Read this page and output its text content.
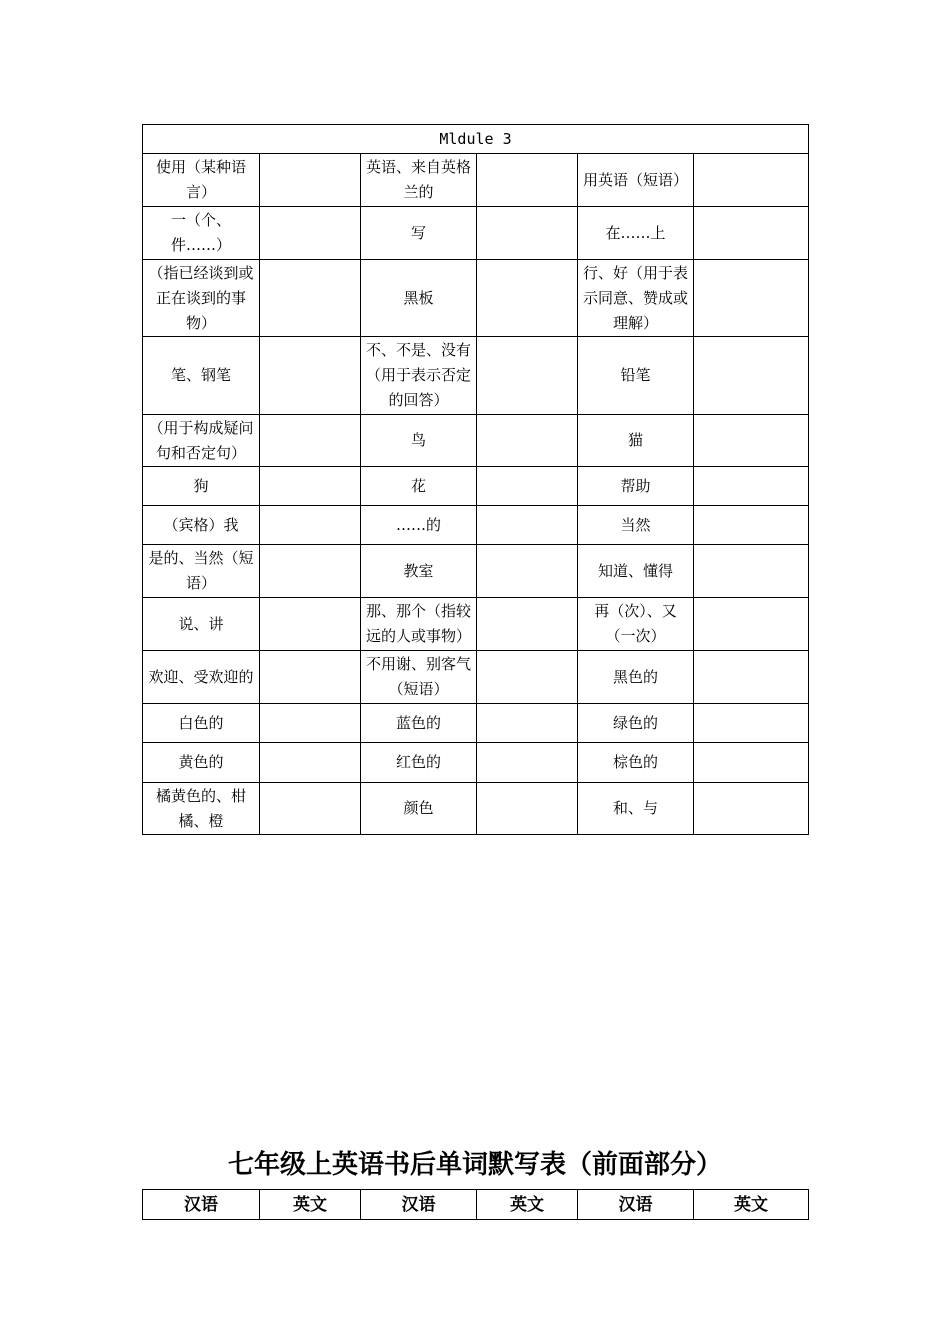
Mldule 3					
使用（某种语言）		英语、来自英格兰的		用英语（短语）	
一（个、件……）		写		在……上	
（指已经谈到或正在谈到的事物）		黑板		行、好（用于表示同意、赞成或理解）	
笔、钢笔		不、不是、没有（用于表示否定的回答）		铅笔	
（用于构成疑问句和否定句）		鸟		猫	
狗		花		帮助	
（宾格）我		……的		当然	
是的、当然（短语）		教室		知道、懂得	
说、讲		那、那个（指较远的人或事物）		再（次）、又（一次）	
欢迎、受欢迎的		不用谢、别客气（短语）		黑色的	
白色的		蓝色的		绿色的	
黄色的		红色的		棕色的	
橘黄色的、柑橘、橙		颜色		和、与	
七年级上英语书后单词默写表（前面部分）
汉语	英文	汉语	英文	汉语	英文
